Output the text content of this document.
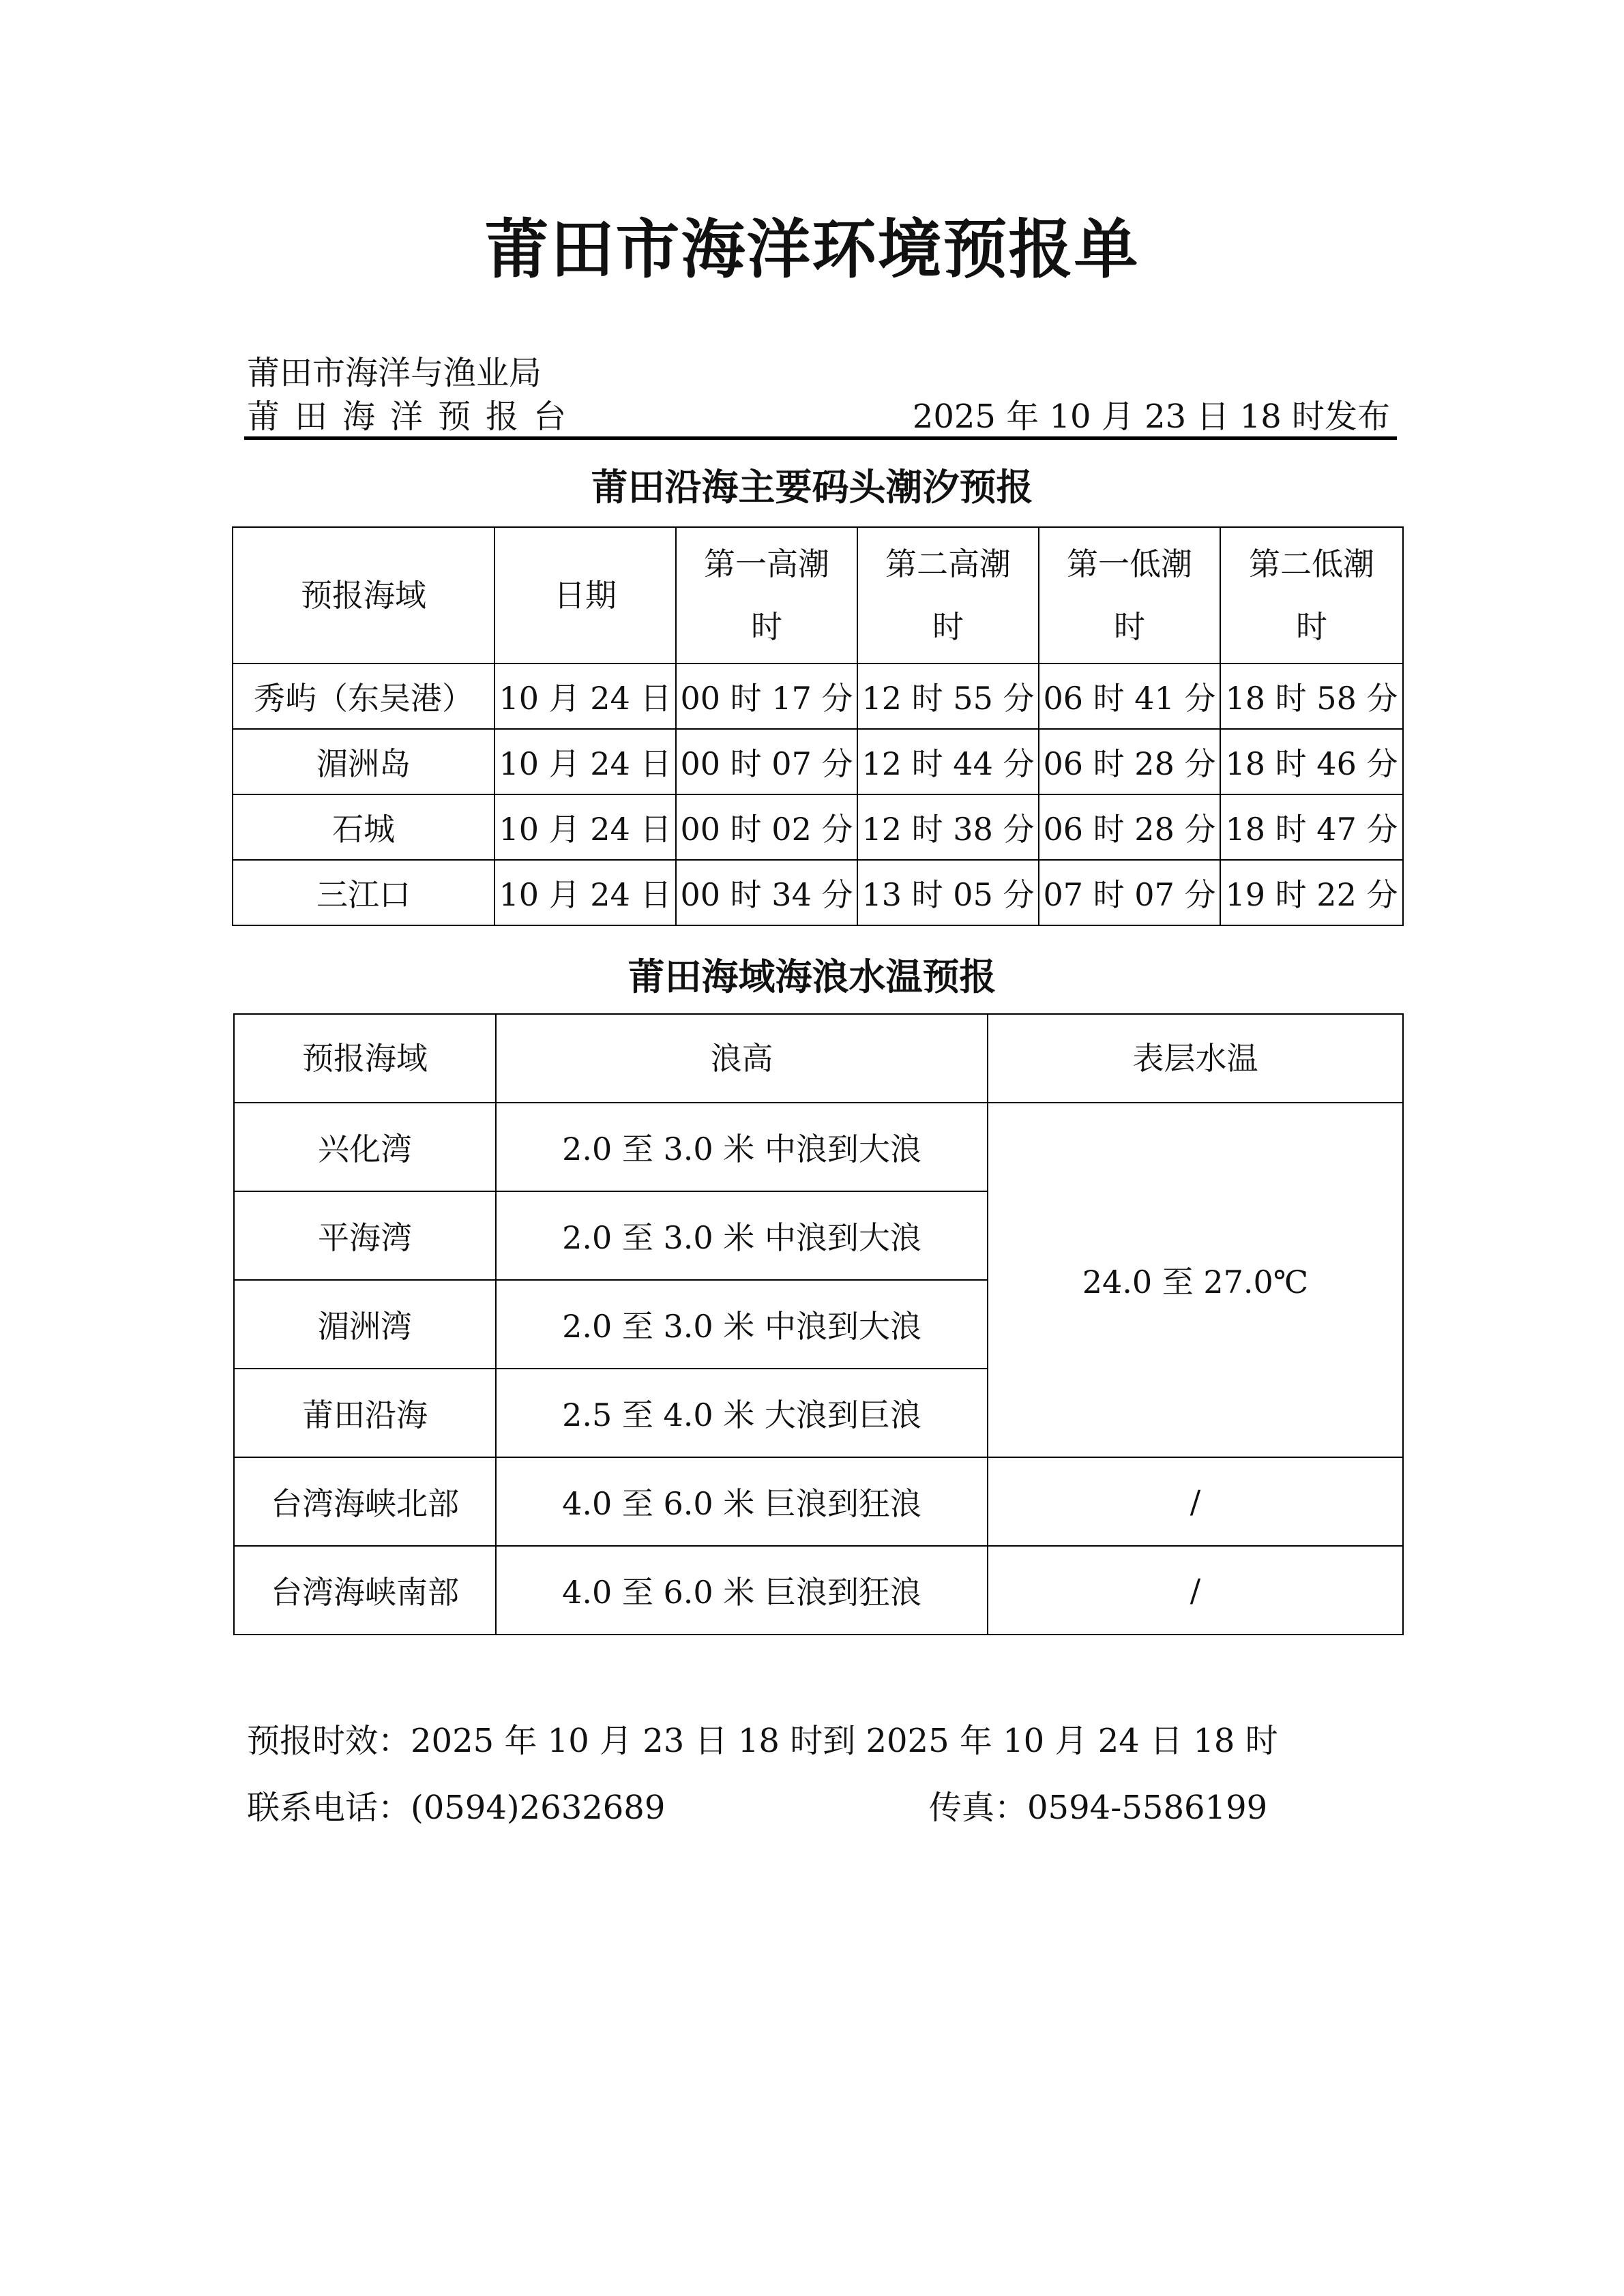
莆田市海洋环境预报单
莆田市海洋与渔业局
莆田海洋预报台	2025 年 10 月 23 日 18 时发布
莆田沿海主要码头潮汐预报
预报海域	日期	第一高潮时	第二高潮时	第一低潮时	第二低潮时
秀屿（东吴港）	10 月 24 日	00 时 17 分	12 时 55 分	06 时 41 分	18 时 58 分
湄洲岛	10 月 24 日	00 时 07 分	12 时 44 分	06 时 28 分	18 时 46 分
石城	10 月 24 日	00 时 02 分	12 时 38 分	06 时 28 分	18 时 47 分
三江口	10 月 24 日	00 时 34 分	13 时 05 分	07 时 07 分	19 时 22 分
莆田海域海浪水温预报
预报海域	浪高	表层水温
兴化湾	2.0 至 3.0 米 中浪到大浪	24.0 至 27.0℃
平海湾	2.0 至 3.0 米 中浪到大浪	
湄洲湾	2.0 至 3.0 米 中浪到大浪	
莆田沿海	2.5 至 4.0 米 大浪到巨浪	
台湾海峡北部	4.0 至 6.0 米 巨浪到狂浪	/
台湾海峡南部	4.0 至 6.0 米 巨浪到狂浪	/
预报时效：2025 年 10 月 23 日 18 时到 2025 年 10 月 24 日 18 时
联系电话：(0594)2632689	传真：0594-5586199
